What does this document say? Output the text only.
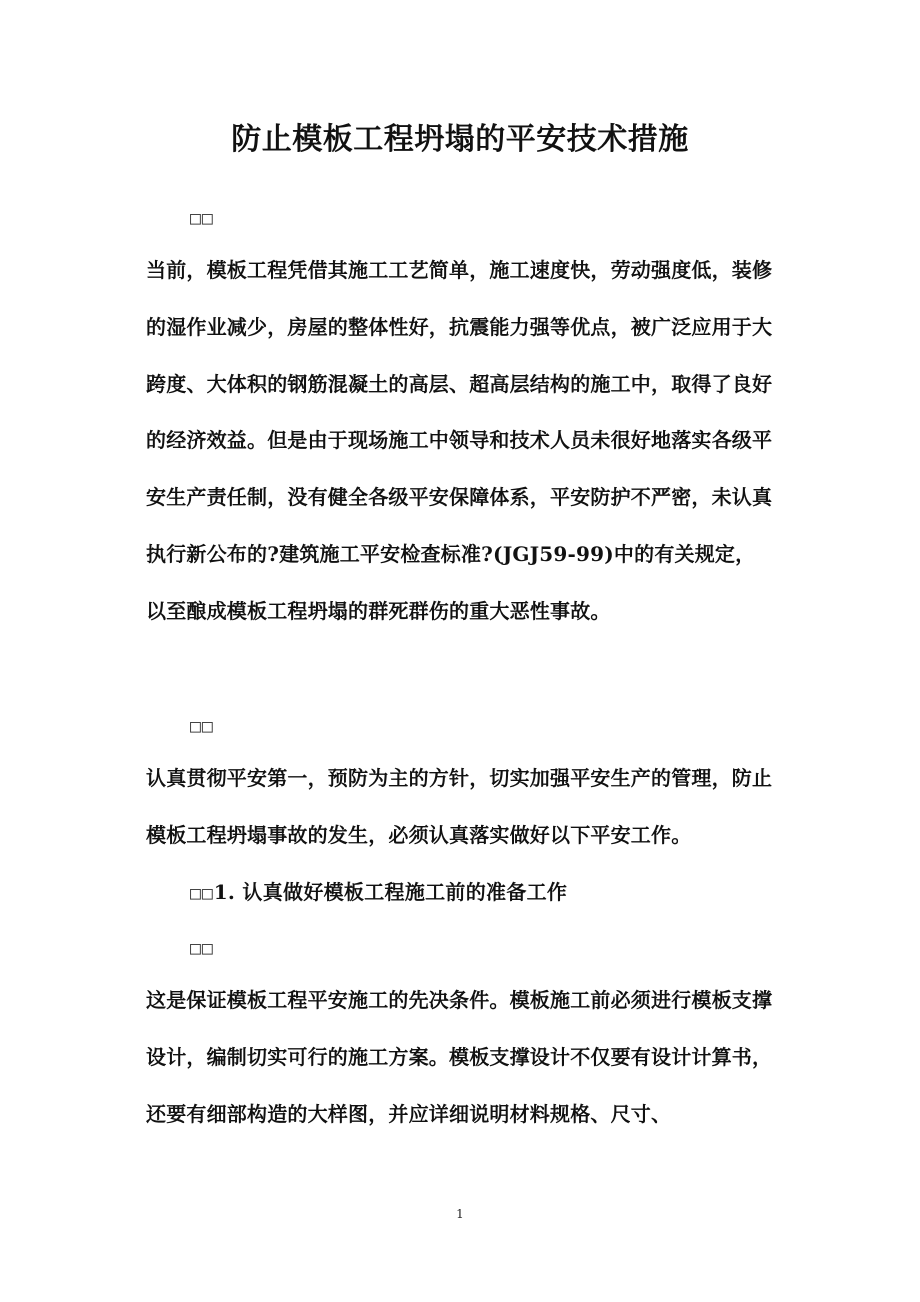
防止模板工程坍塌的平安技术措施
□□

当前，模板工程凭借其施工工艺简单，施工速度快，劳动强度低，装修的湿作业减少，房屋的整体性好，抗震能力强等优点，被广泛应用于大跨度、大体积的钢筋混凝土的高层、超高层结构的施工中，取得了良好的经济效益。但是由于现场施工中领导和技术人员未很好地落实各级平安生产责任制，没有健全各级平安保障体系，平安防护不严密，未认真执行新公布的?建筑施工平安检查标准?(JGJ59-99)中的有关规定，以至酿成模板工程坍塌的群死群伤的重大恶性事故。

□□

认真贯彻平安第一，预防为主的方针，切实加强平安生产的管理，防止模板工程坍塌事故的发生，必须认真落实做好以下平安工作。

□□1. 认真做好模板工程施工前的准备工作
□□

这是保证模板工程平安施工的先决条件。模板施工前必须进行模板支撑设计，编制切实可行的施工方案。模板支撑设计不仅要有设计计算书，还要有细部构造的大样图，并应详细说明材料规格、尺寸、

1
